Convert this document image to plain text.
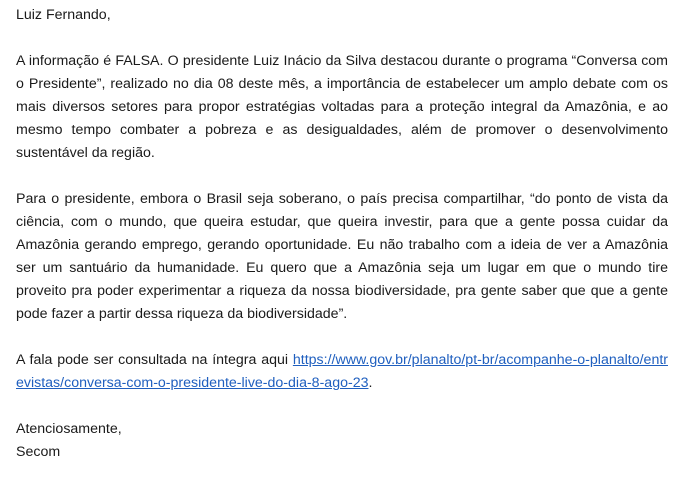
Luiz Fernando,

A informação é FALSA. O presidente Luiz Inácio da Silva destacou durante o programa “Conversa com o Presidente”, realizado no dia 08 deste mês, a importância de estabelecer um amplo debate com os mais diversos setores para propor estratégias voltadas para a proteção integral da Amazônia, e ao mesmo tempo combater a pobreza e as desigualdades, além de promover o desenvolvimento sustentável da região.

Para o presidente, embora o Brasil seja soberano, o país precisa compartilhar, “do ponto de vista da ciência, com o mundo, que queira estudar, que queira investir, para que a gente possa cuidar da Amazônia gerando emprego, gerando oportunidade. Eu não trabalho com a ideia de ver a Amazônia ser um santuário da humanidade. Eu quero que a Amazônia seja um lugar em que o mundo tire proveito pra poder experimentar a riqueza da nossa biodiversidade, pra gente saber que que a gente pode fazer a partir dessa riqueza da biodiversidade”.

A fala pode ser consultada na íntegra aqui https://www.gov.br/planalto/pt-br/acompanhe-o-planalto/entrevistas/conversa-com-o-presidente-live-do-dia-8-ago-23.

Atenciosamente,

Secom
